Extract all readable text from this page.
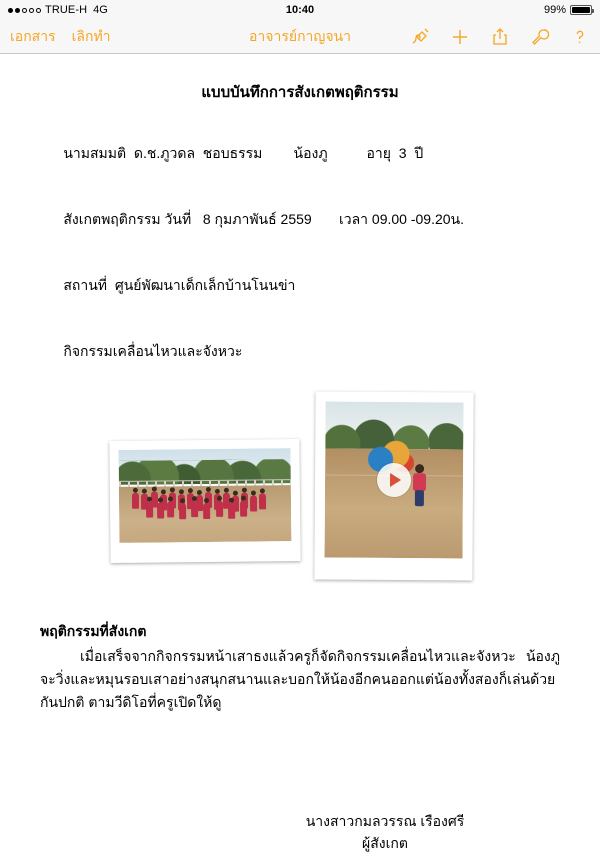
TRUE-H 4G	10:40	99%
เอกสาร เลิกทำ	อาจารย์กาญจนา
แบบบันทึกการสังเกตพฤติกรรม

นามสมมติ ด.ช.ภูวดล  ชอบธรรม น้องภู	อายุ  3  ปี

สังเกตพฤติกรรม วันที่ 8 กุมภาพันธ์ 2559 เวลา 09.00 -09.20น.

สถานที่ ศูนย์พัฒนาเด็กเล็กบ้านโนนข่า

กิจกรรมเคลื่อนไหวและจังหวะ

พฤติกรรมที่สังเกต
เมื่อเสร็จจากกิจกรรมหน้าเสาธงแล้วครูก็จัดกิจกรรมเคลื่อนไหวและจังหวะ น้องภูจะวิ่งและหมุนรอบเสาอย่างสนุกสนานและบอกให้น้องอีกคนออกแต่น้องทั้งสองก็เล่นด้วยกันปกติ ตามวีดิโอที่ครูเปิดให้ดู
นางสาวกมลวรรณ เรืองศรี
ผู้สังเกต
